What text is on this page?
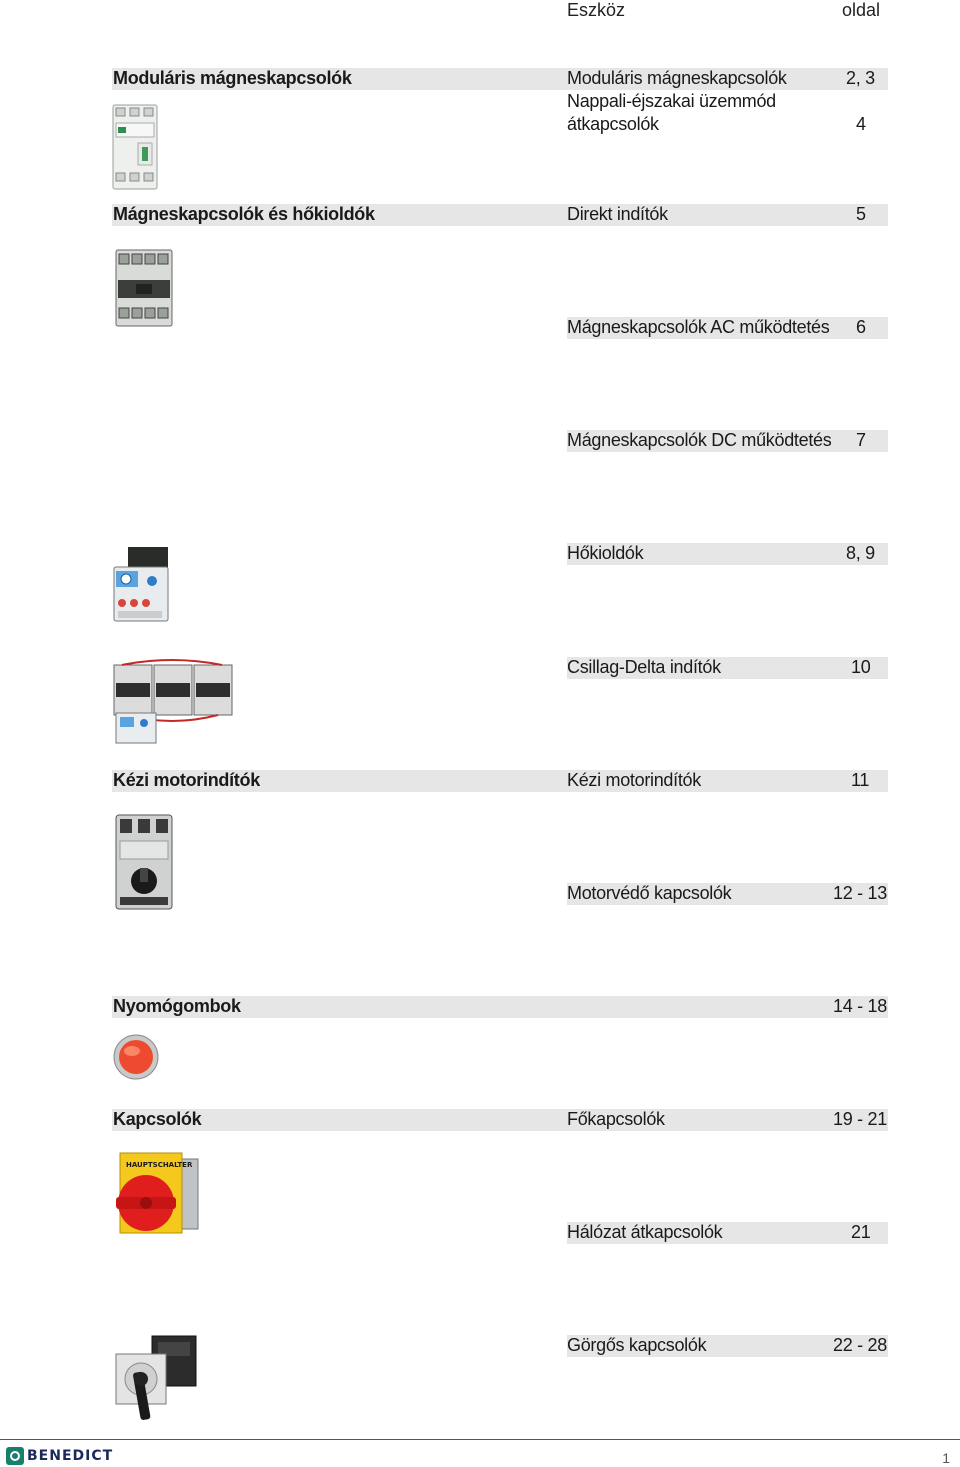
Eszköz	oldal
Moduláris mágneskapcsolók	Moduláris mágneskapcsolók	2, 3
Nappali-éjszakai üzemmód
átkapcsolók	4
Mágneskapcsolók és hőkioldók	Direkt indítók	5
Mágneskapcsolók AC működtetés 6
Mágneskapcsolók DC működtetés 7
Hőkioldók	8, 9
Csillag-Delta indítók	10
Kézi motorindítók	Kézi motorindítók	11
Motorvédő kapcsolók	12 - 13
Nyomógombok	14 - 18
Kapcsolók	Főkapcsolók	19 - 21
HAUPTSCHALTER
Hálózat átkapcsolók	21
Görgős kapcsolók	22 - 28
BENEDICT	1
